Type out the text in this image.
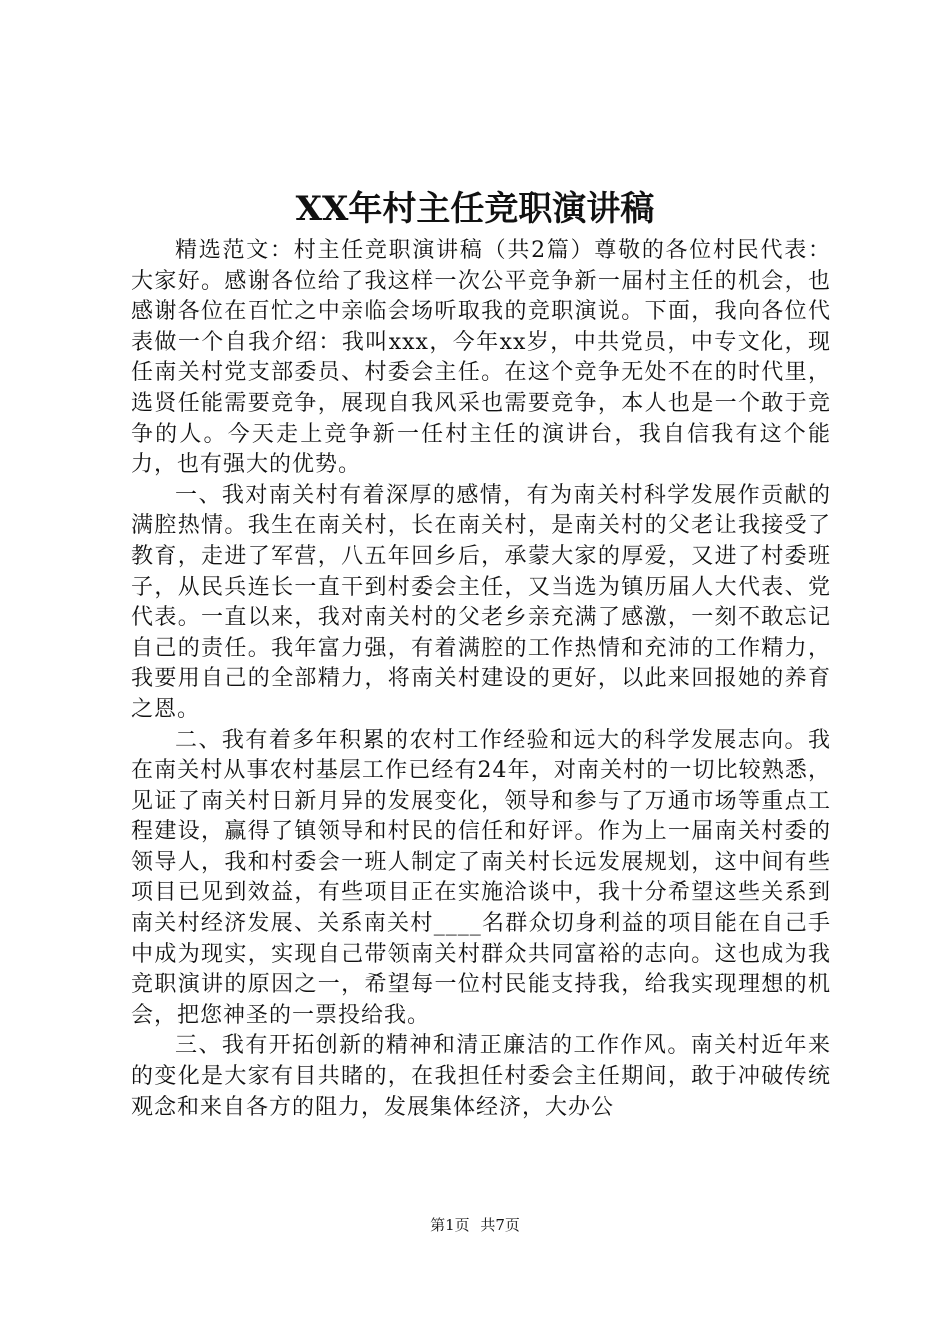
XX年村主任竞职演讲稿

精选范文：村主任竞职演讲稿（共2篇）尊敬的各位村民代表：大家好。感谢各位给了我这样一次公平竞争新一届村主任的机会，也感谢各位在百忙之中亲临会场听取我的竞职演说。下面，我向各位代表做一个自我介绍：我叫xxx，今年xx岁，中共党员，中专文化，现任南关村党支部委员、村委会主任。在这个竞争无处不在的时代里，选贤任能需要竞争，展现自我风采也需要竞争，本人也是一个敢于竞争的人。今天走上竞争新一任村主任的演讲台，我自信我有这个能力，也有强大的优势。

一、我对南关村有着深厚的感情，有为南关村科学发展作贡献的满腔热情。我生在南关村，长在南关村，是南关村的父老让我接受了教育，走进了军营，八五年回乡后，承蒙大家的厚爱，又进了村委班子，从民兵连长一直干到村委会主任，又当选为镇历届人大代表、党代表。一直以来，我对南关村的父老乡亲充满了感激，一刻不敢忘记自己的责任。我年富力强，有着满腔的工作热情和充沛的工作精力，我要用自己的全部精力，将南关村建设的更好，以此来回报她的养育之恩。

二、我有着多年积累的农村工作经验和远大的科学发展志向。我在南关村从事农村基层工作已经有24年，对南关村的一切比较熟悉，见证了南关村日新月异的发展变化，领导和参与了万通市场等重点工程建设，赢得了镇领导和村民的信任和好评。作为上一届南关村委的领导人，我和村委会一班人制定了南关村长远发展规划，这中间有些项目已见到效益，有些项目正在实施洽谈中，我十分希望这些关系到南关村经济发展、关系南关村____名群众切身利益的项目能在自己手中成为现实，实现自己带领南关村群众共同富裕的志向。这也成为我竞职演讲的原因之一，希望每一位村民能支持我，给我实现理想的机会，把您神圣的一票投给我。

三、我有开拓创新的精神和清正廉洁的工作作风。南关村近年来的变化是大家有目共睹的，在我担任村委会主任期间，敢于冲破传统观念和来自各方的阻力，发展集体经济，大办公

第1页 共7页
